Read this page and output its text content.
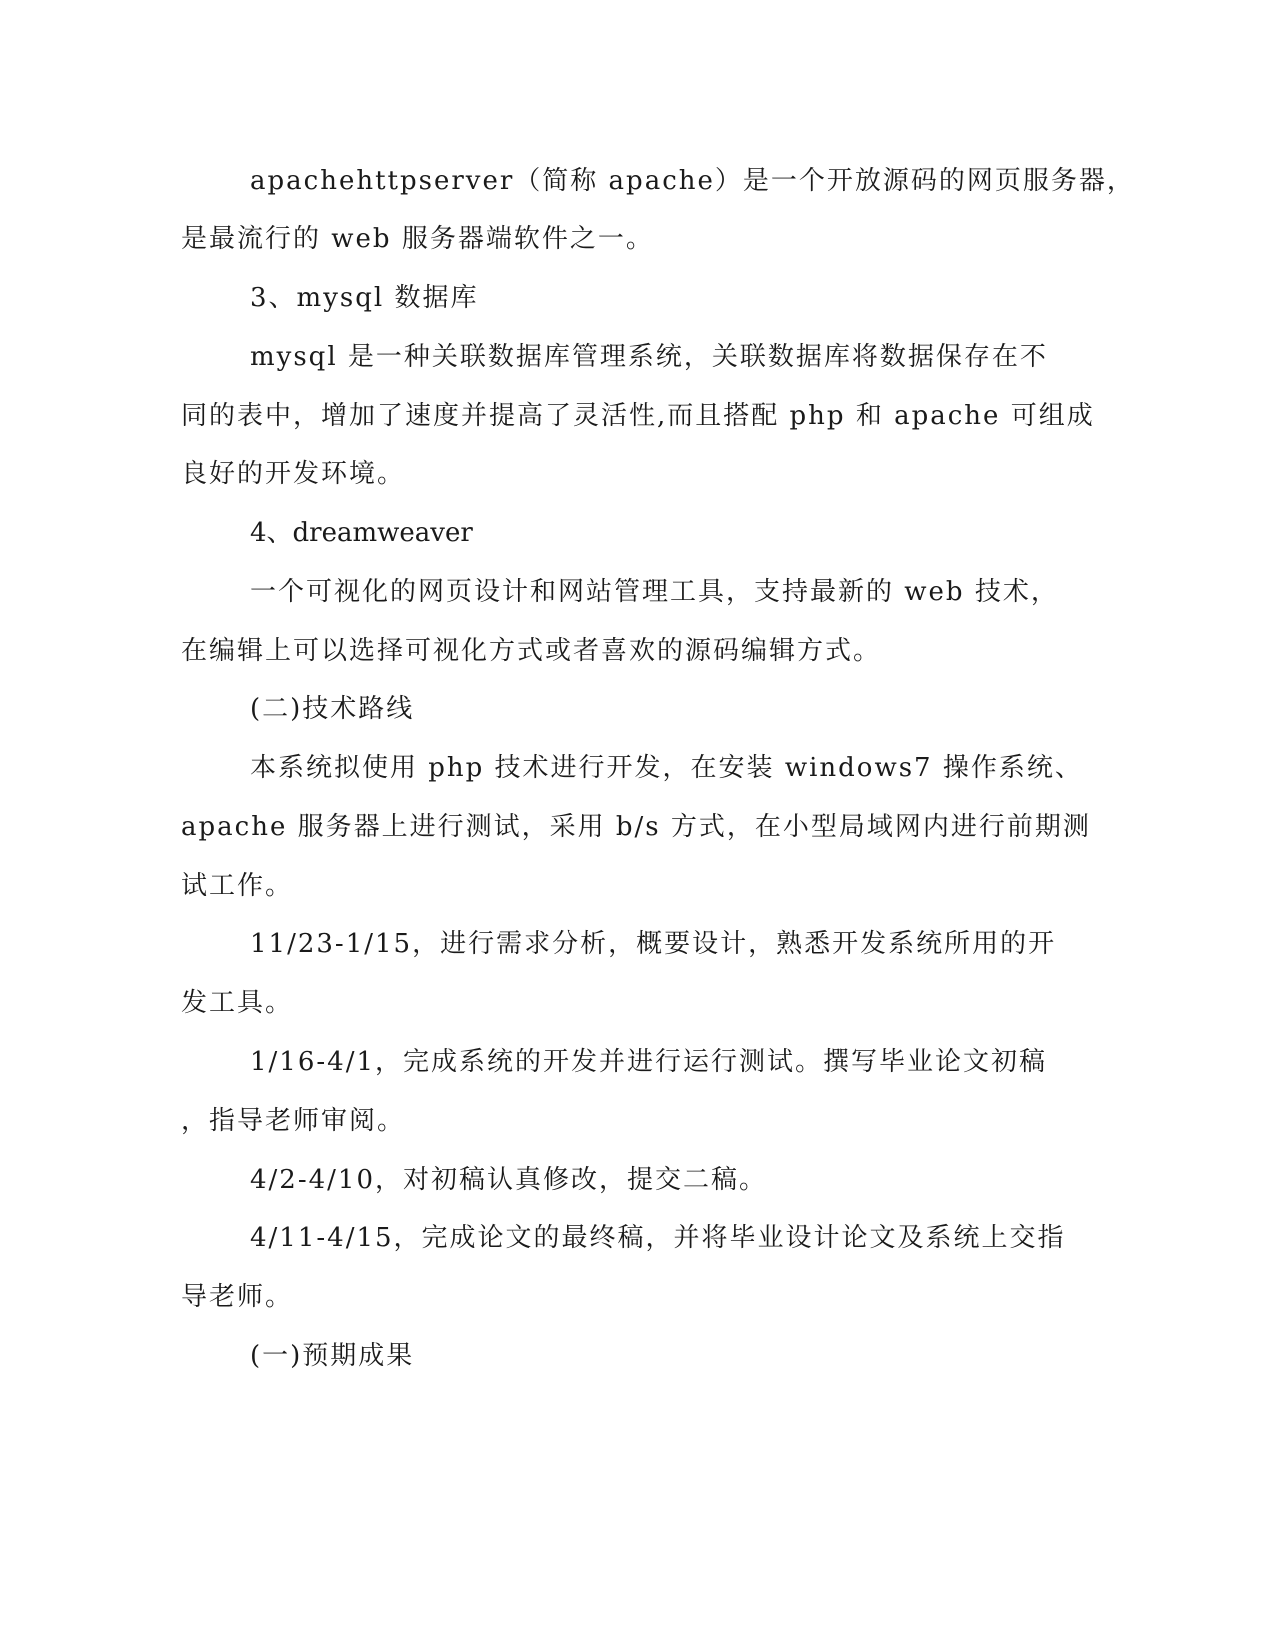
apachehttpserver（简称 apache）是一个开放源码的网页服务器，
是最流行的 web 服务器端软件之一。
3、mysql 数据库
mysql 是一种关联数据库管理系统，关联数据库将数据保存在不
同的表中，增加了速度并提高了灵活性,而且搭配 php 和 apache 可组成
良好的开发环境。
4、dreamweaver
一个可视化的网页设计和网站管理工具，支持最新的 web 技术，
在编辑上可以选择可视化方式或者喜欢的源码编辑方式。
(二)技术路线
本系统拟使用 php 技术进行开发，在安装 windows7 操作系统、
apache 服务器上进行测试，采用 b/s 方式，在小型局域网内进行前期测
试工作。
11/23-1/15，进行需求分析，概要设计，熟悉开发系统所用的开
发工具。
1/16-4/1，完成系统的开发并进行运行测试。撰写毕业论文初稿
，指导老师审阅。
4/2-4/10，对初稿认真修改，提交二稿。
4/11-4/15，完成论文的最终稿，并将毕业设计论文及系统上交指
导老师。
(一)预期成果
